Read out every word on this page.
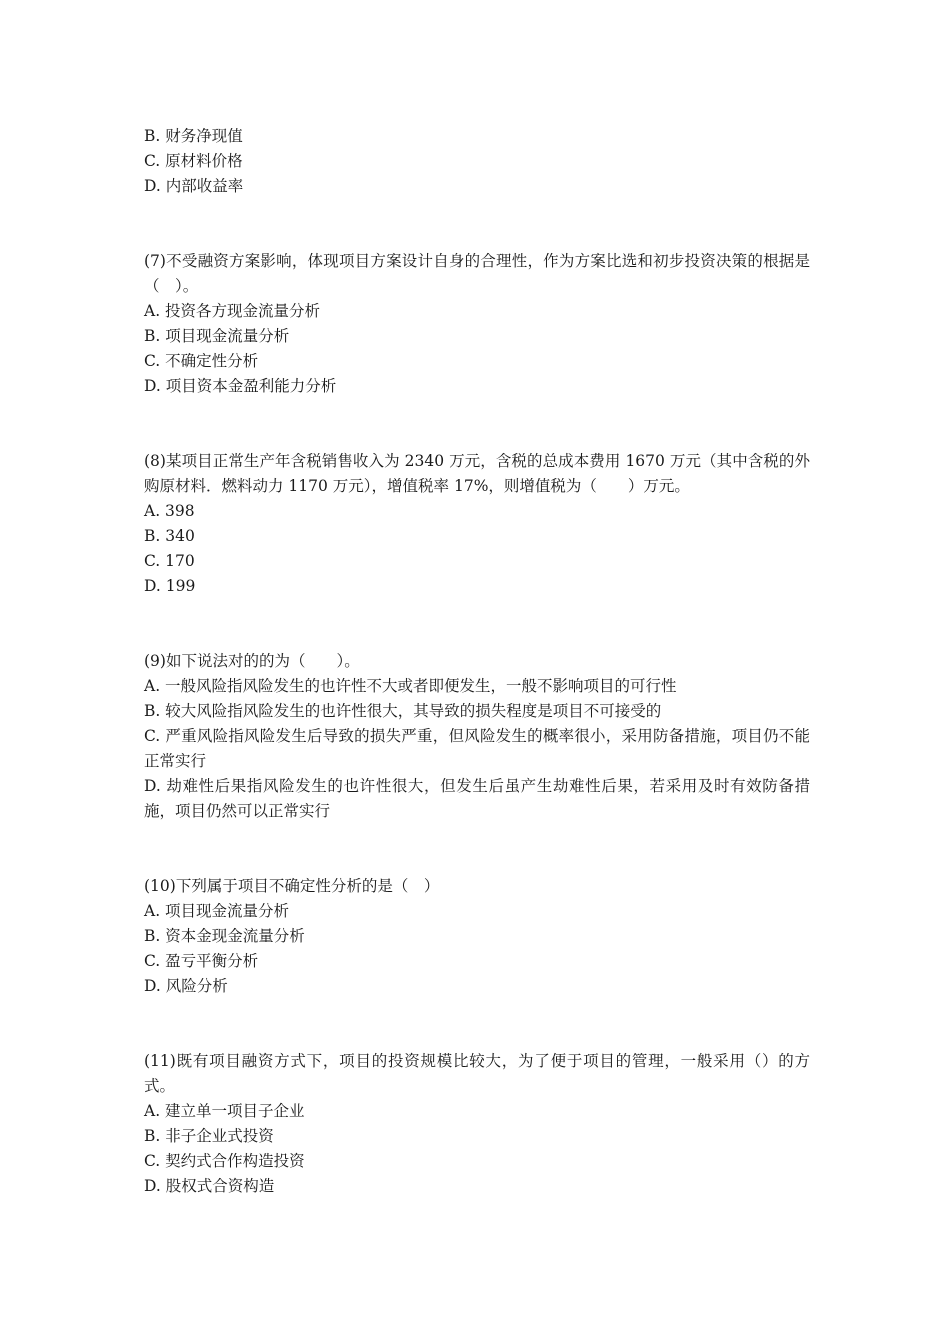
B. 财务净现值

C. 原材料价格

D. 内部收益率

(7)不受融资方案影响，体现项目方案设计自身的合理性，作为方案比选和初步投资决策的根据是（　）。

A. 投资各方现金流量分析

B. 项目现金流量分析

C. 不确定性分析

D. 项目资本金盈利能力分析

(8)某项目正常生产年含税销售收入为 2340 万元，含税的总成本费用 1670 万元（其中含税的外购原材料．燃料动力 1170 万元），增值税率 17%，则增值税为（　　）万元。

A. 398

B. 340

C. 170

D. 199

(9)如下说法对的的为（　　）。

A. 一般风险指风险发生的也许性不大或者即便发生，一般不影响项目的可行性

B. 较大风险指风险发生的也许性很大，其导致的损失程度是项目不可接受的

C. 严重风险指风险发生后导致的损失严重，但风险发生的概率很小，采用防备措施，项目仍不能正常实行

D. 劫难性后果指风险发生的也许性很大，但发生后虽产生劫难性后果，若采用及时有效防备措施，项目仍然可以正常实行

(10)下列属于项目不确定性分析的是（　）

A. 项目现金流量分析

B. 资本金现金流量分析

C. 盈亏平衡分析

D. 风险分析

(11)既有项目融资方式下，项目的投资规模比较大，为了便于项目的管理，一般采用（）的方式。

A. 建立单一项目子企业

B. 非子企业式投资

C. 契约式合作构造投资

D. 股权式合资构造
